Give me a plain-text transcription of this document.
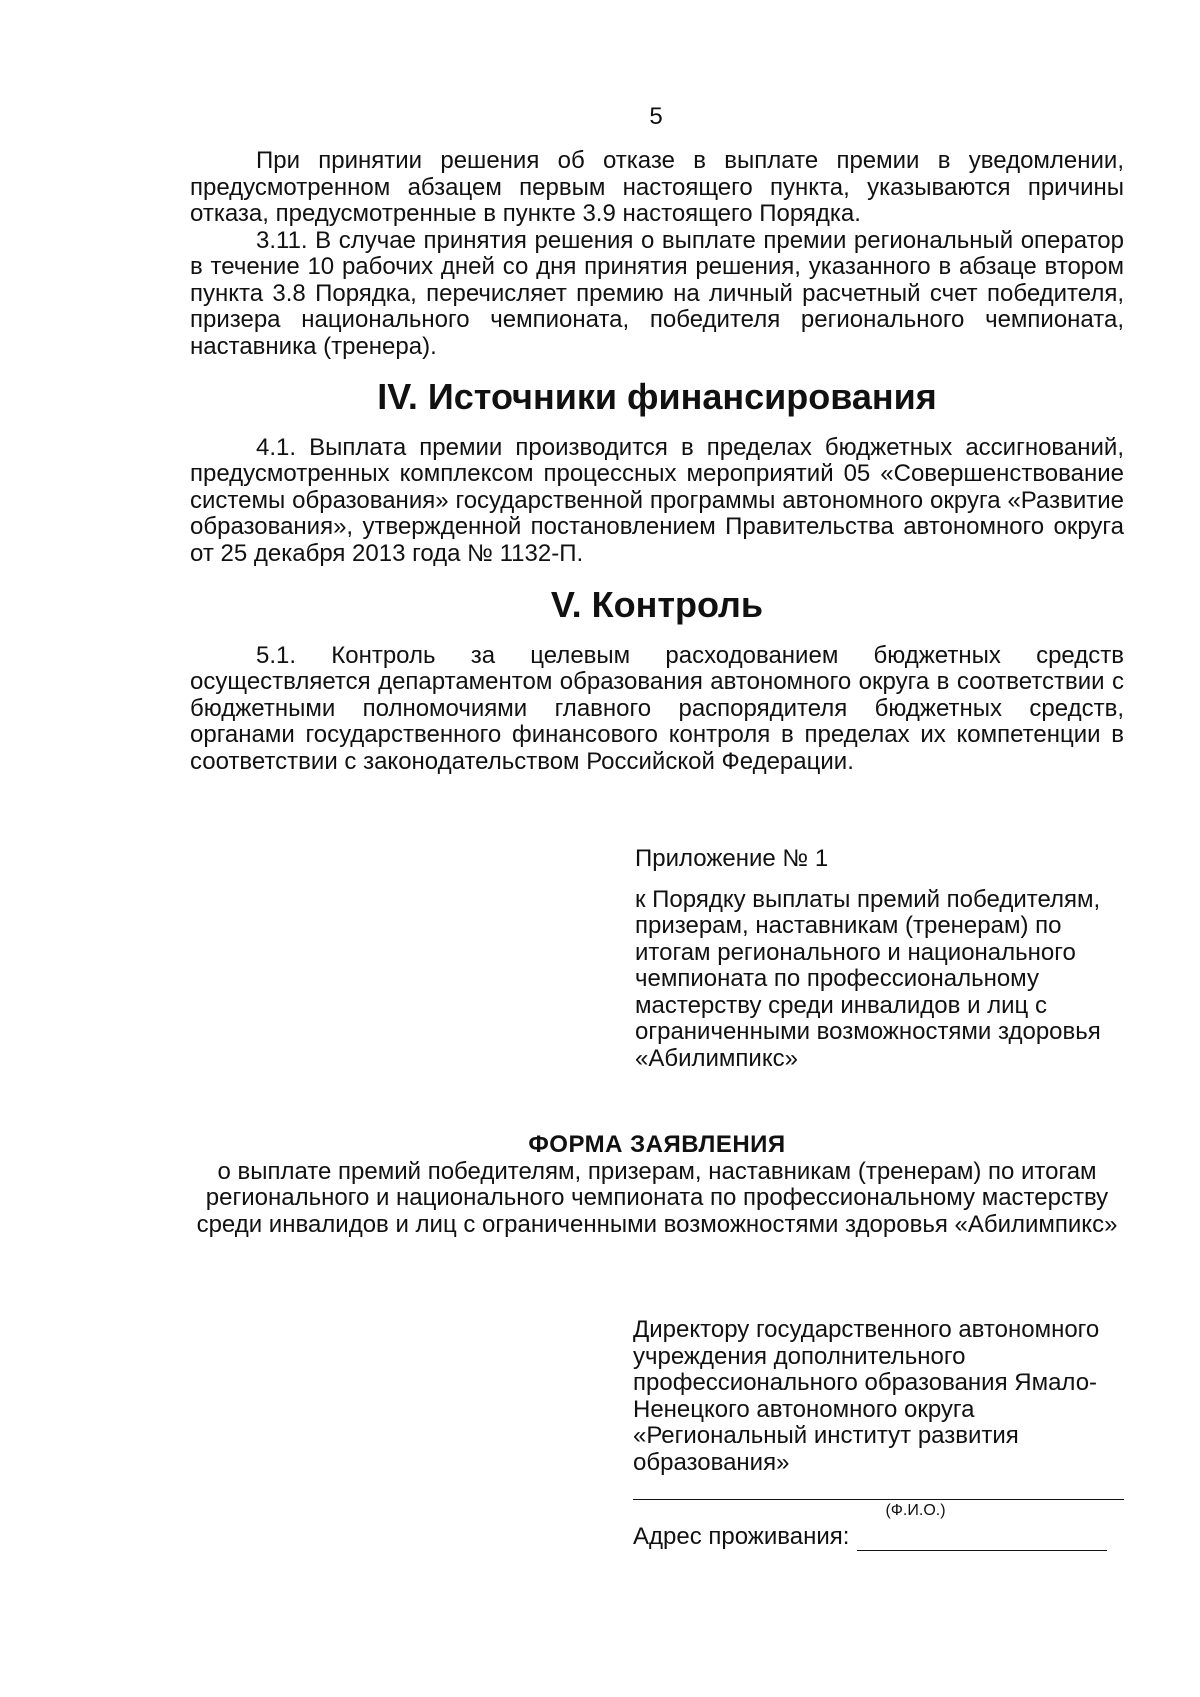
5

При принятии решения об отказе в выплате премии в уведомлении, предусмотренном абзацем первым настоящего пункта, указываются причины отказа, предусмотренные в пункте 3.9 настоящего Порядка.

3.11. В случае принятия решения о выплате премии региональный оператор в течение 10 рабочих дней со дня принятия решения, указанного в абзаце втором пункта 3.8 Порядка, перечисляет премию на личный расчетный счет победителя, призера национального чемпионата, победителя регионального чемпионата, наставника (тренера).

IV. Источники финансирования

4.1. Выплата премии производится в пределах бюджетных ассигнований, предусмотренных комплексом процессных мероприятий 05 «Совершенствование системы образования» государственной программы автономного округа «Развитие образования», утвержденной постановлением Правительства автономного округа от 25 декабря 2013 года № 1132-П.

V. Контроль

5.1. Контроль за целевым расходованием бюджетных средств осуществляется департаментом образования автономного округа в соответствии с бюджетными полномочиями главного распорядителя бюджетных средств, органами государственного финансового контроля в пределах их компетенции в соответствии с законодательством Российской Федерации.

Приложение № 1

к Порядку выплаты премий победителям, призерам, наставникам (тренерам) по итогам регионального и национального чемпионата по профессиональному мастерству среди инвалидов и лиц с ограниченными возможностями здоровья «Абилимпикс»

ФОРМА ЗАЯВЛЕНИЯ

о выплате премий победителям, призерам, наставникам (тренерам) по итогам регионального и национального чемпионата по профессиональному мастерству среди инвалидов и лиц с ограниченными возможностями здоровья «Абилимпикс»

Директору государственного автономного учреждения дополнительного профессионального образования Ямало-Ненецкого автономного округа «Региональный институт развития образования»

(Ф.И.О.)
Адрес проживания:
